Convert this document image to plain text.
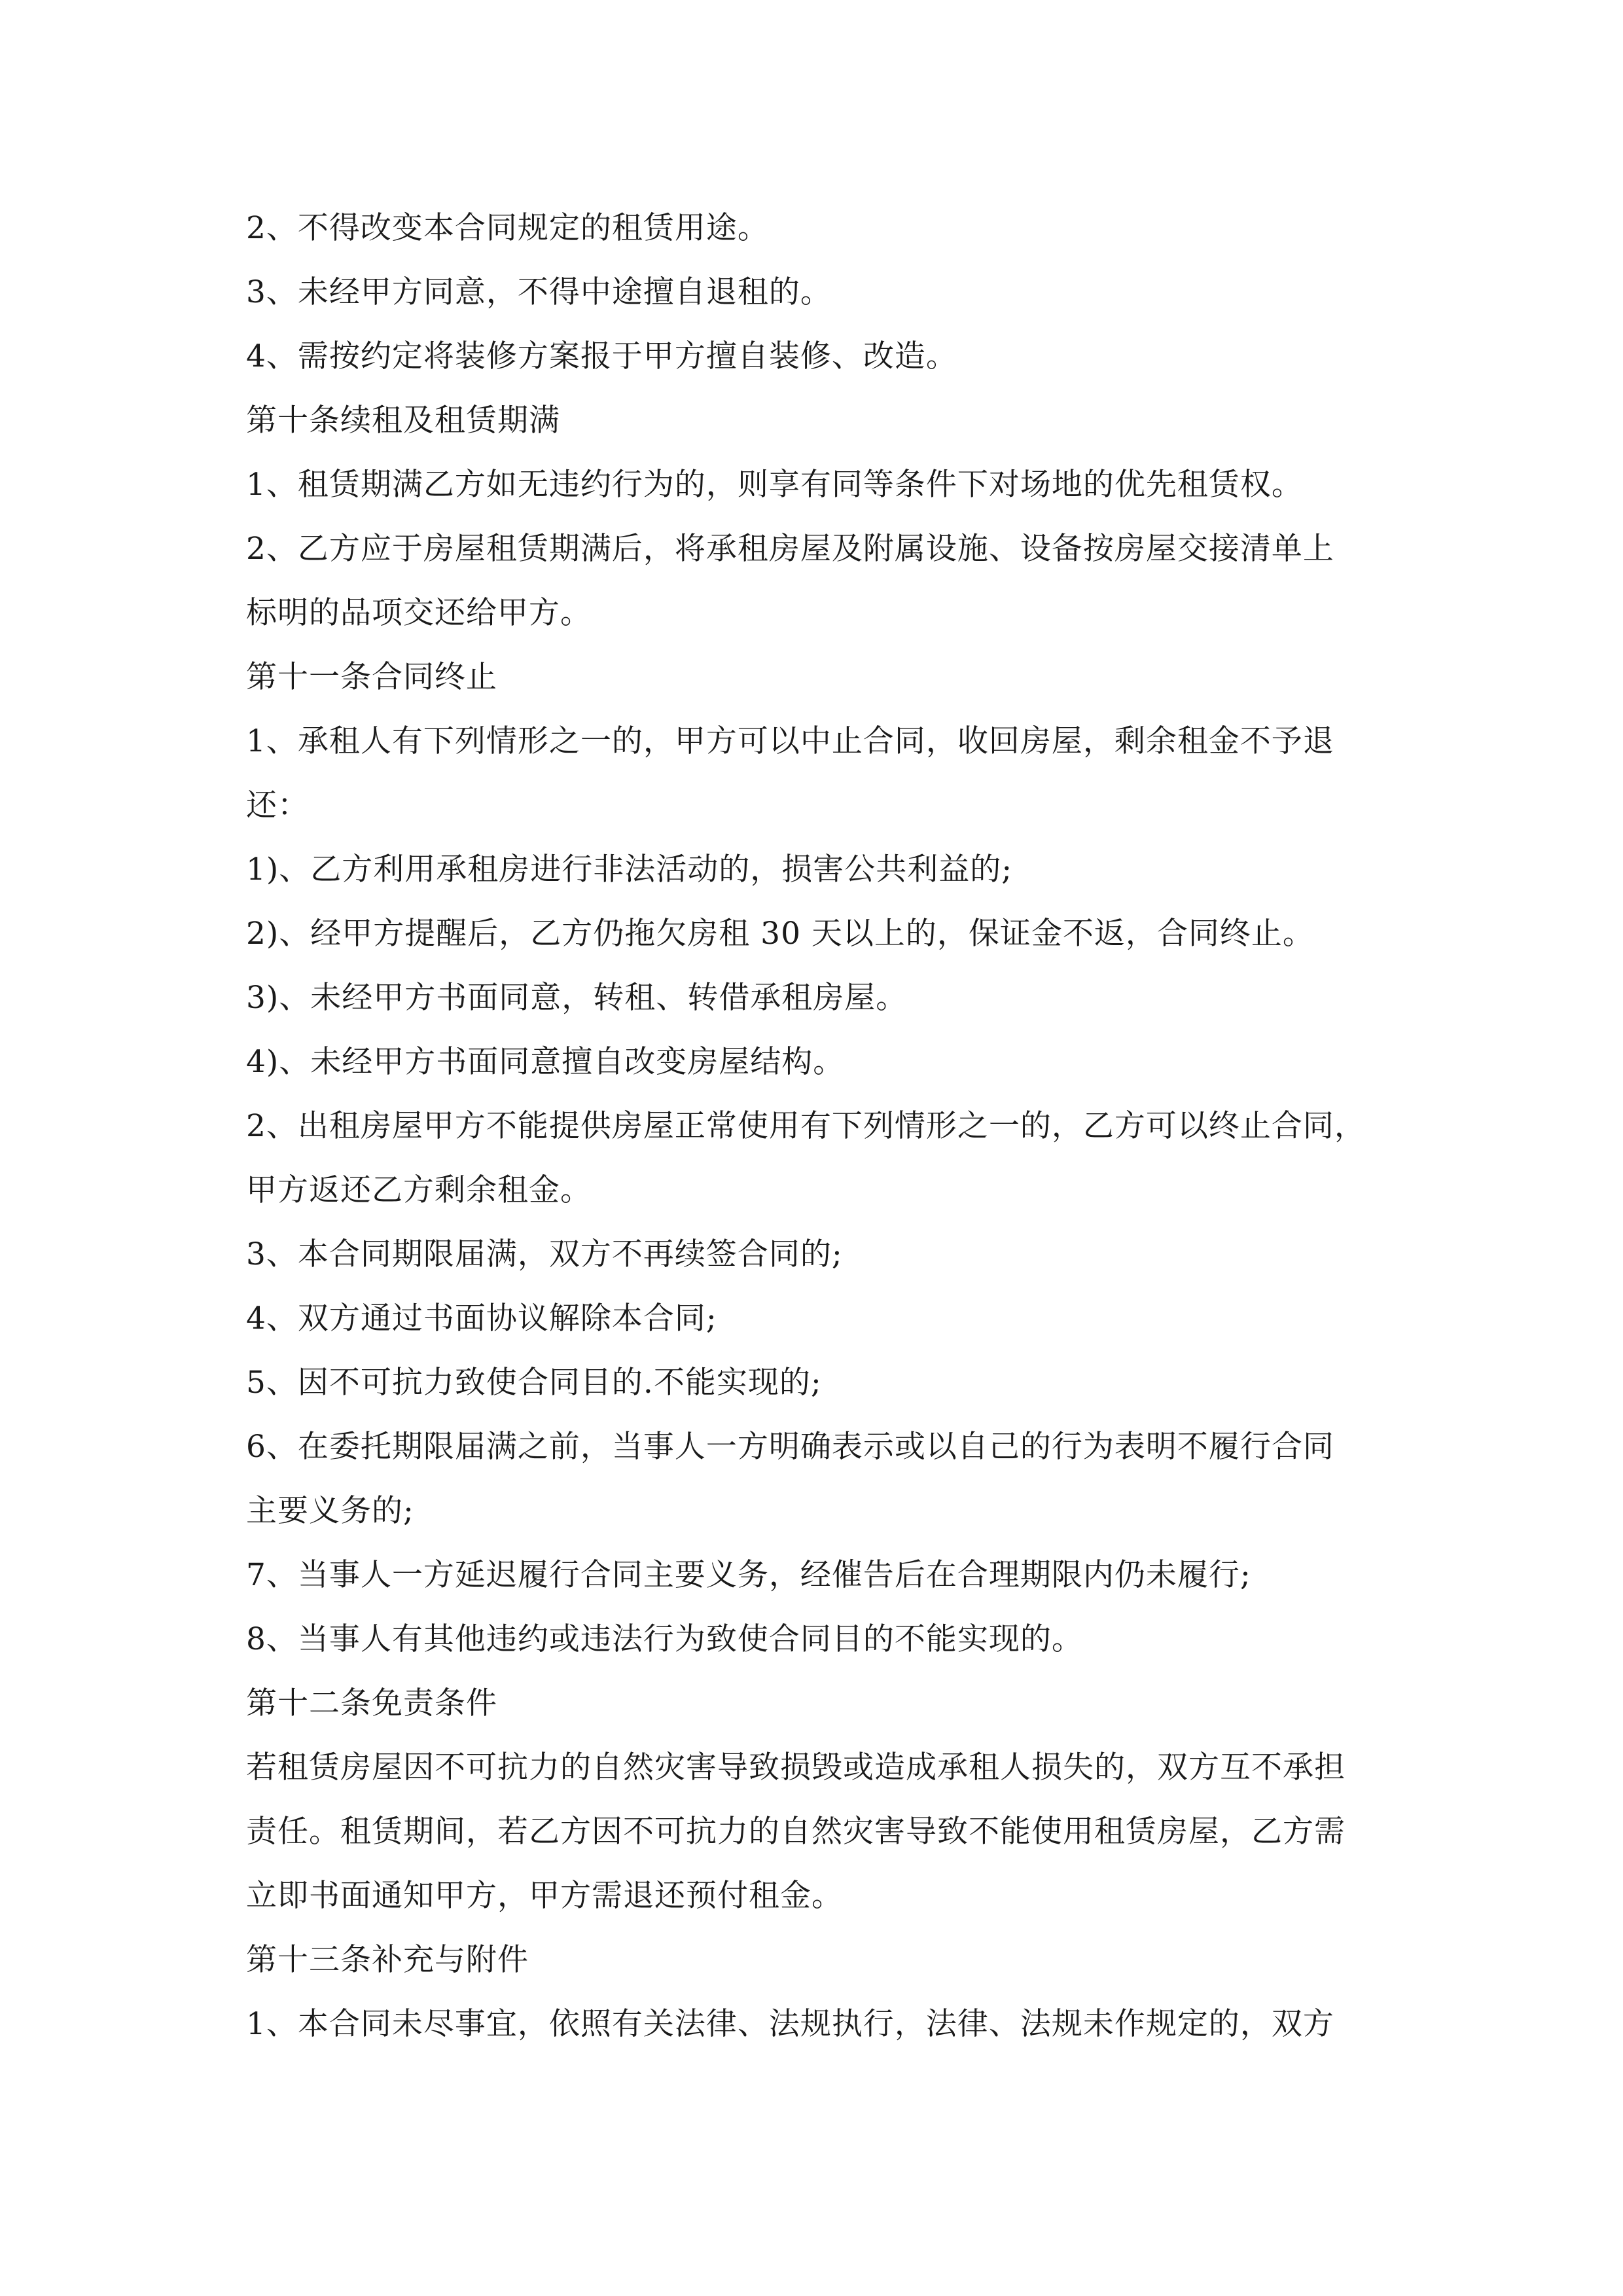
2、不得改变本合同规定的租赁用途。
3、未经甲方同意，不得中途擅自退租的。
4、需按约定将装修方案报于甲方擅自装修、改造。
第十条续租及租赁期满
1、租赁期满乙方如无违约行为的，则享有同等条件下对场地的优先租赁权。
2、乙方应于房屋租赁期满后，将承租房屋及附属设施、设备按房屋交接清单上
标明的品项交还给甲方。
第十一条合同终止
1、承租人有下列情形之一的，甲方可以中止合同，收回房屋，剩余租金不予退
还：
1)、乙方利用承租房进行非法活动的，损害公共利益的;
2)、经甲方提醒后，乙方仍拖欠房租 30 天以上的，保证金不返，合同终止。
3)、未经甲方书面同意，转租、转借承租房屋。
4)、未经甲方书面同意擅自改变房屋结构。
2、出租房屋甲方不能提供房屋正常使用有下列情形之一的，乙方可以终止合同，
甲方返还乙方剩余租金。
3、本合同期限届满，双方不再续签合同的;
4、双方通过书面协议解除本合同;
5、因不可抗力致使合同目的.不能实现的;
6、在委托期限届满之前，当事人一方明确表示或以自己的行为表明不履行合同
主要义务的;
7、当事人一方延迟履行合同主要义务，经催告后在合理期限内仍未履行;
8、当事人有其他违约或违法行为致使合同目的不能实现的。
第十二条免责条件
若租赁房屋因不可抗力的自然灾害导致损毁或造成承租人损失的，双方互不承担
责任。租赁期间，若乙方因不可抗力的自然灾害导致不能使用租赁房屋，乙方需
立即书面通知甲方，甲方需退还预付租金。
第十三条补充与附件
1、本合同未尽事宜，依照有关法律、法规执行，法律、法规未作规定的，双方
